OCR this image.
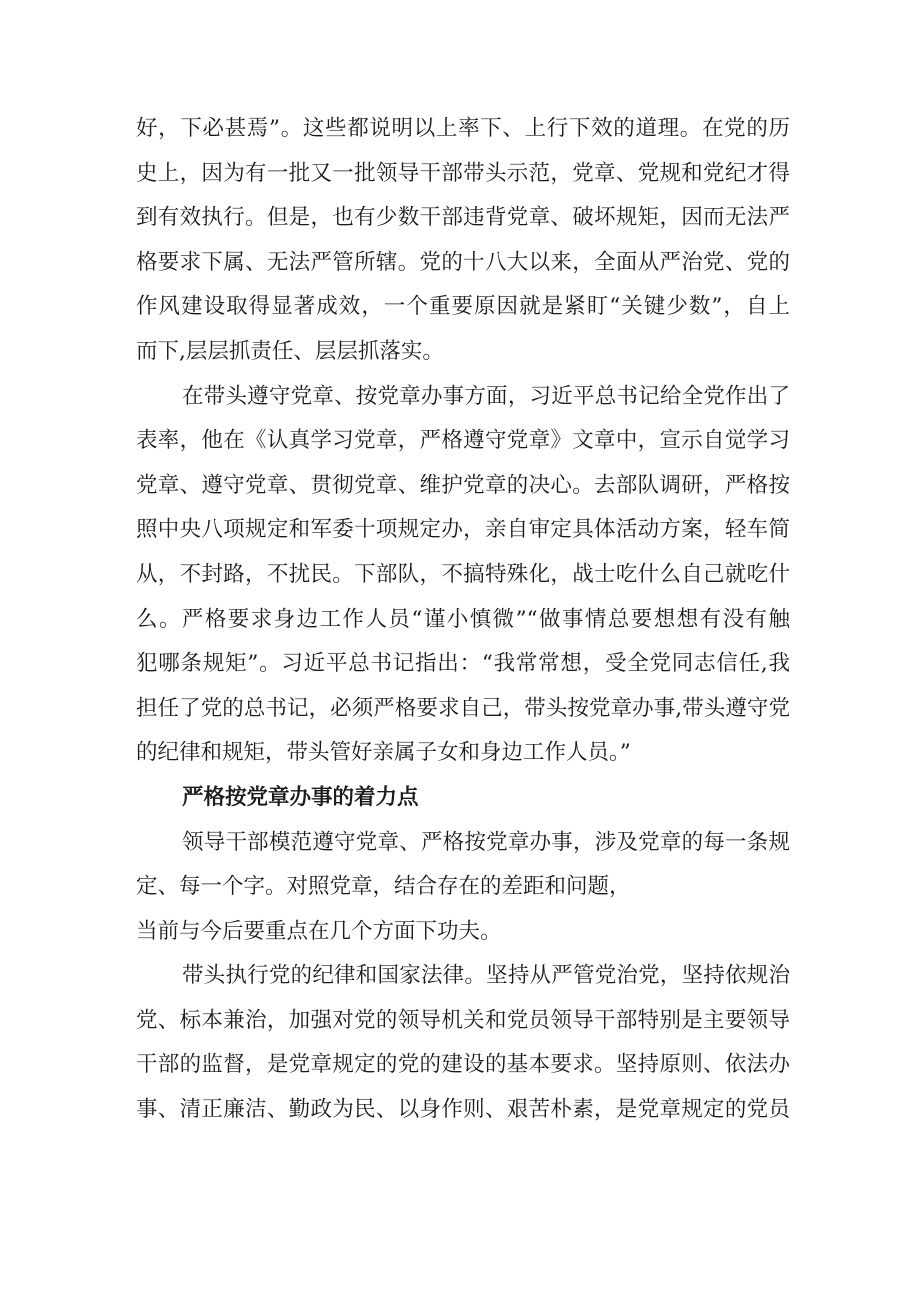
好，下必甚焉”。这些都说明以上率下、上行下效的道理。在党的历
史上，因为有一批又一批领导干部带头示范，党章、党规和党纪才得
到有效执行。但是，也有少数干部违背党章、破坏规矩，因而无法严
格要求下属、无法严管所辖。党的十八大以来，全面从严治党、党的
作风建设取得显著成效，一个重要原因就是紧盯“关键少数”，自上
而下,层层抓责任、层层抓落实。
在带头遵守党章、按党章办事方面，习近平总书记给全党作出了
表率，他在《认真学习党章，严格遵守党章》文章中，宣示自觉学习
党章、遵守党章、贯彻党章、维护党章的决心。去部队调研，严格按
照中央八项规定和军委十项规定办，亲自审定具体活动方案，轻车简
从，不封路，不扰民。下部队，不搞特殊化，战士吃什么自己就吃什
么。严格要求身边工作人员“谨小慎微”“做事情总要想想有没有触
犯哪条规矩”。习近平总书记指出：“我常常想，受全党同志信任,我
担任了党的总书记，必须严格要求自己，带头按党章办事,带头遵守党
的纪律和规矩，带头管好亲属子女和身边工作人员。”
严格按党章办事的着力点
领导干部模范遵守党章、严格按党章办事，涉及党章的每一条规
定、每一个字。对照党章，结合存在的差距和问题，
当前与今后要重点在几个方面下功夫。
带头执行党的纪律和国家法律。坚持从严管党治党，坚持依规治
党、标本兼治，加强对党的领导机关和党员领导干部特别是主要领导
干部的监督，是党章规定的党的建设的基本要求。坚持原则、依法办
事、清正廉洁、勤政为民、以身作则、艰苦朴素，是党章规定的党员
